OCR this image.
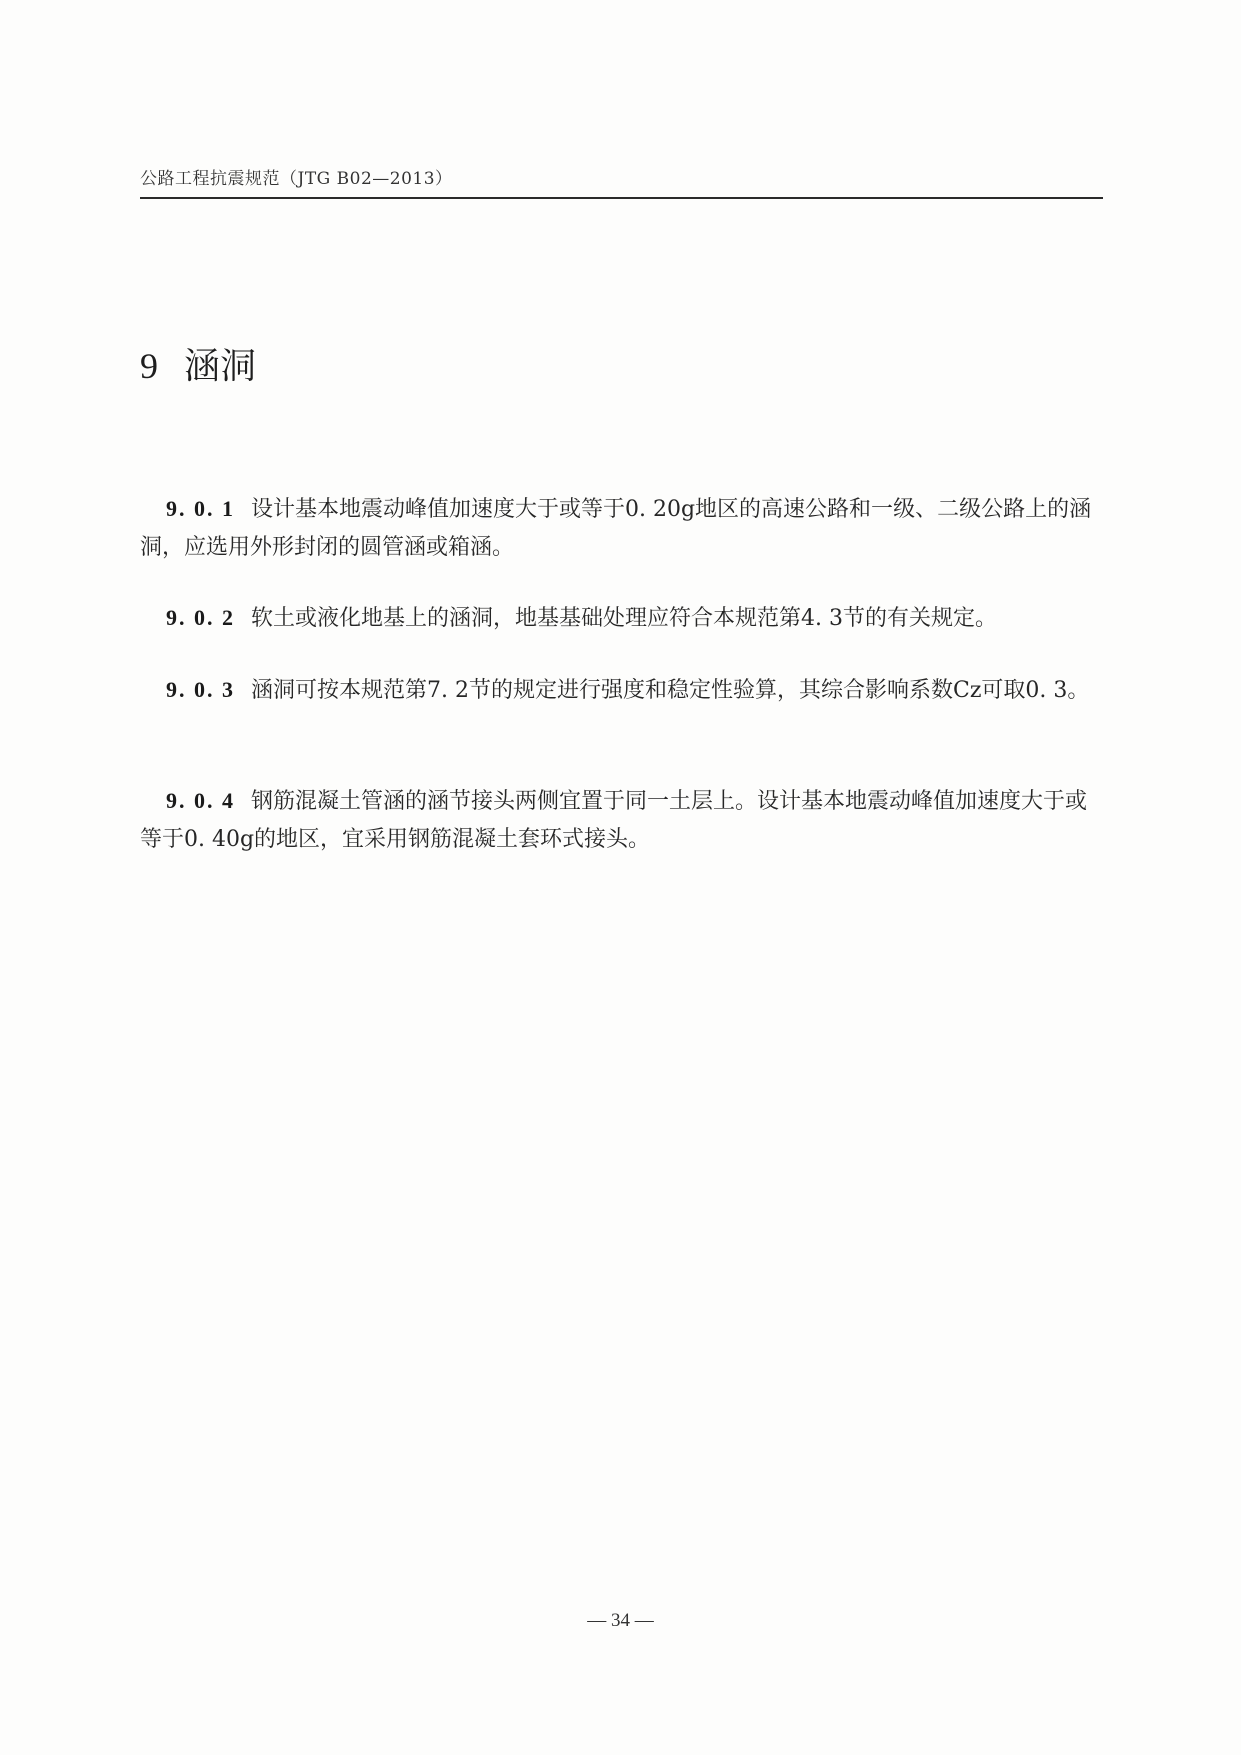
公路工程抗震规范（JTG B02—2013）
9 涵洞

9. 0. 1 设计基本地震动峰值加速度大于或等于0. 20g地区的高速公路和一级、二级公路上的涵洞，应选用外形封闭的圆管涵或箱涵。

9. 0. 2 软土或液化地基上的涵洞，地基基础处理应符合本规范第4. 3节的有关规定。

9. 0. 3 涵洞可按本规范第7. 2节的规定进行强度和稳定性验算，其综合影响系数Cz可取0. 3。

9. 0. 4 钢筋混凝土管涵的涵节接头两侧宜置于同一土层上。设计基本地震动峰值加速度大于或等于0. 40g的地区，宜采用钢筋混凝土套环式接头。

— 34 —
